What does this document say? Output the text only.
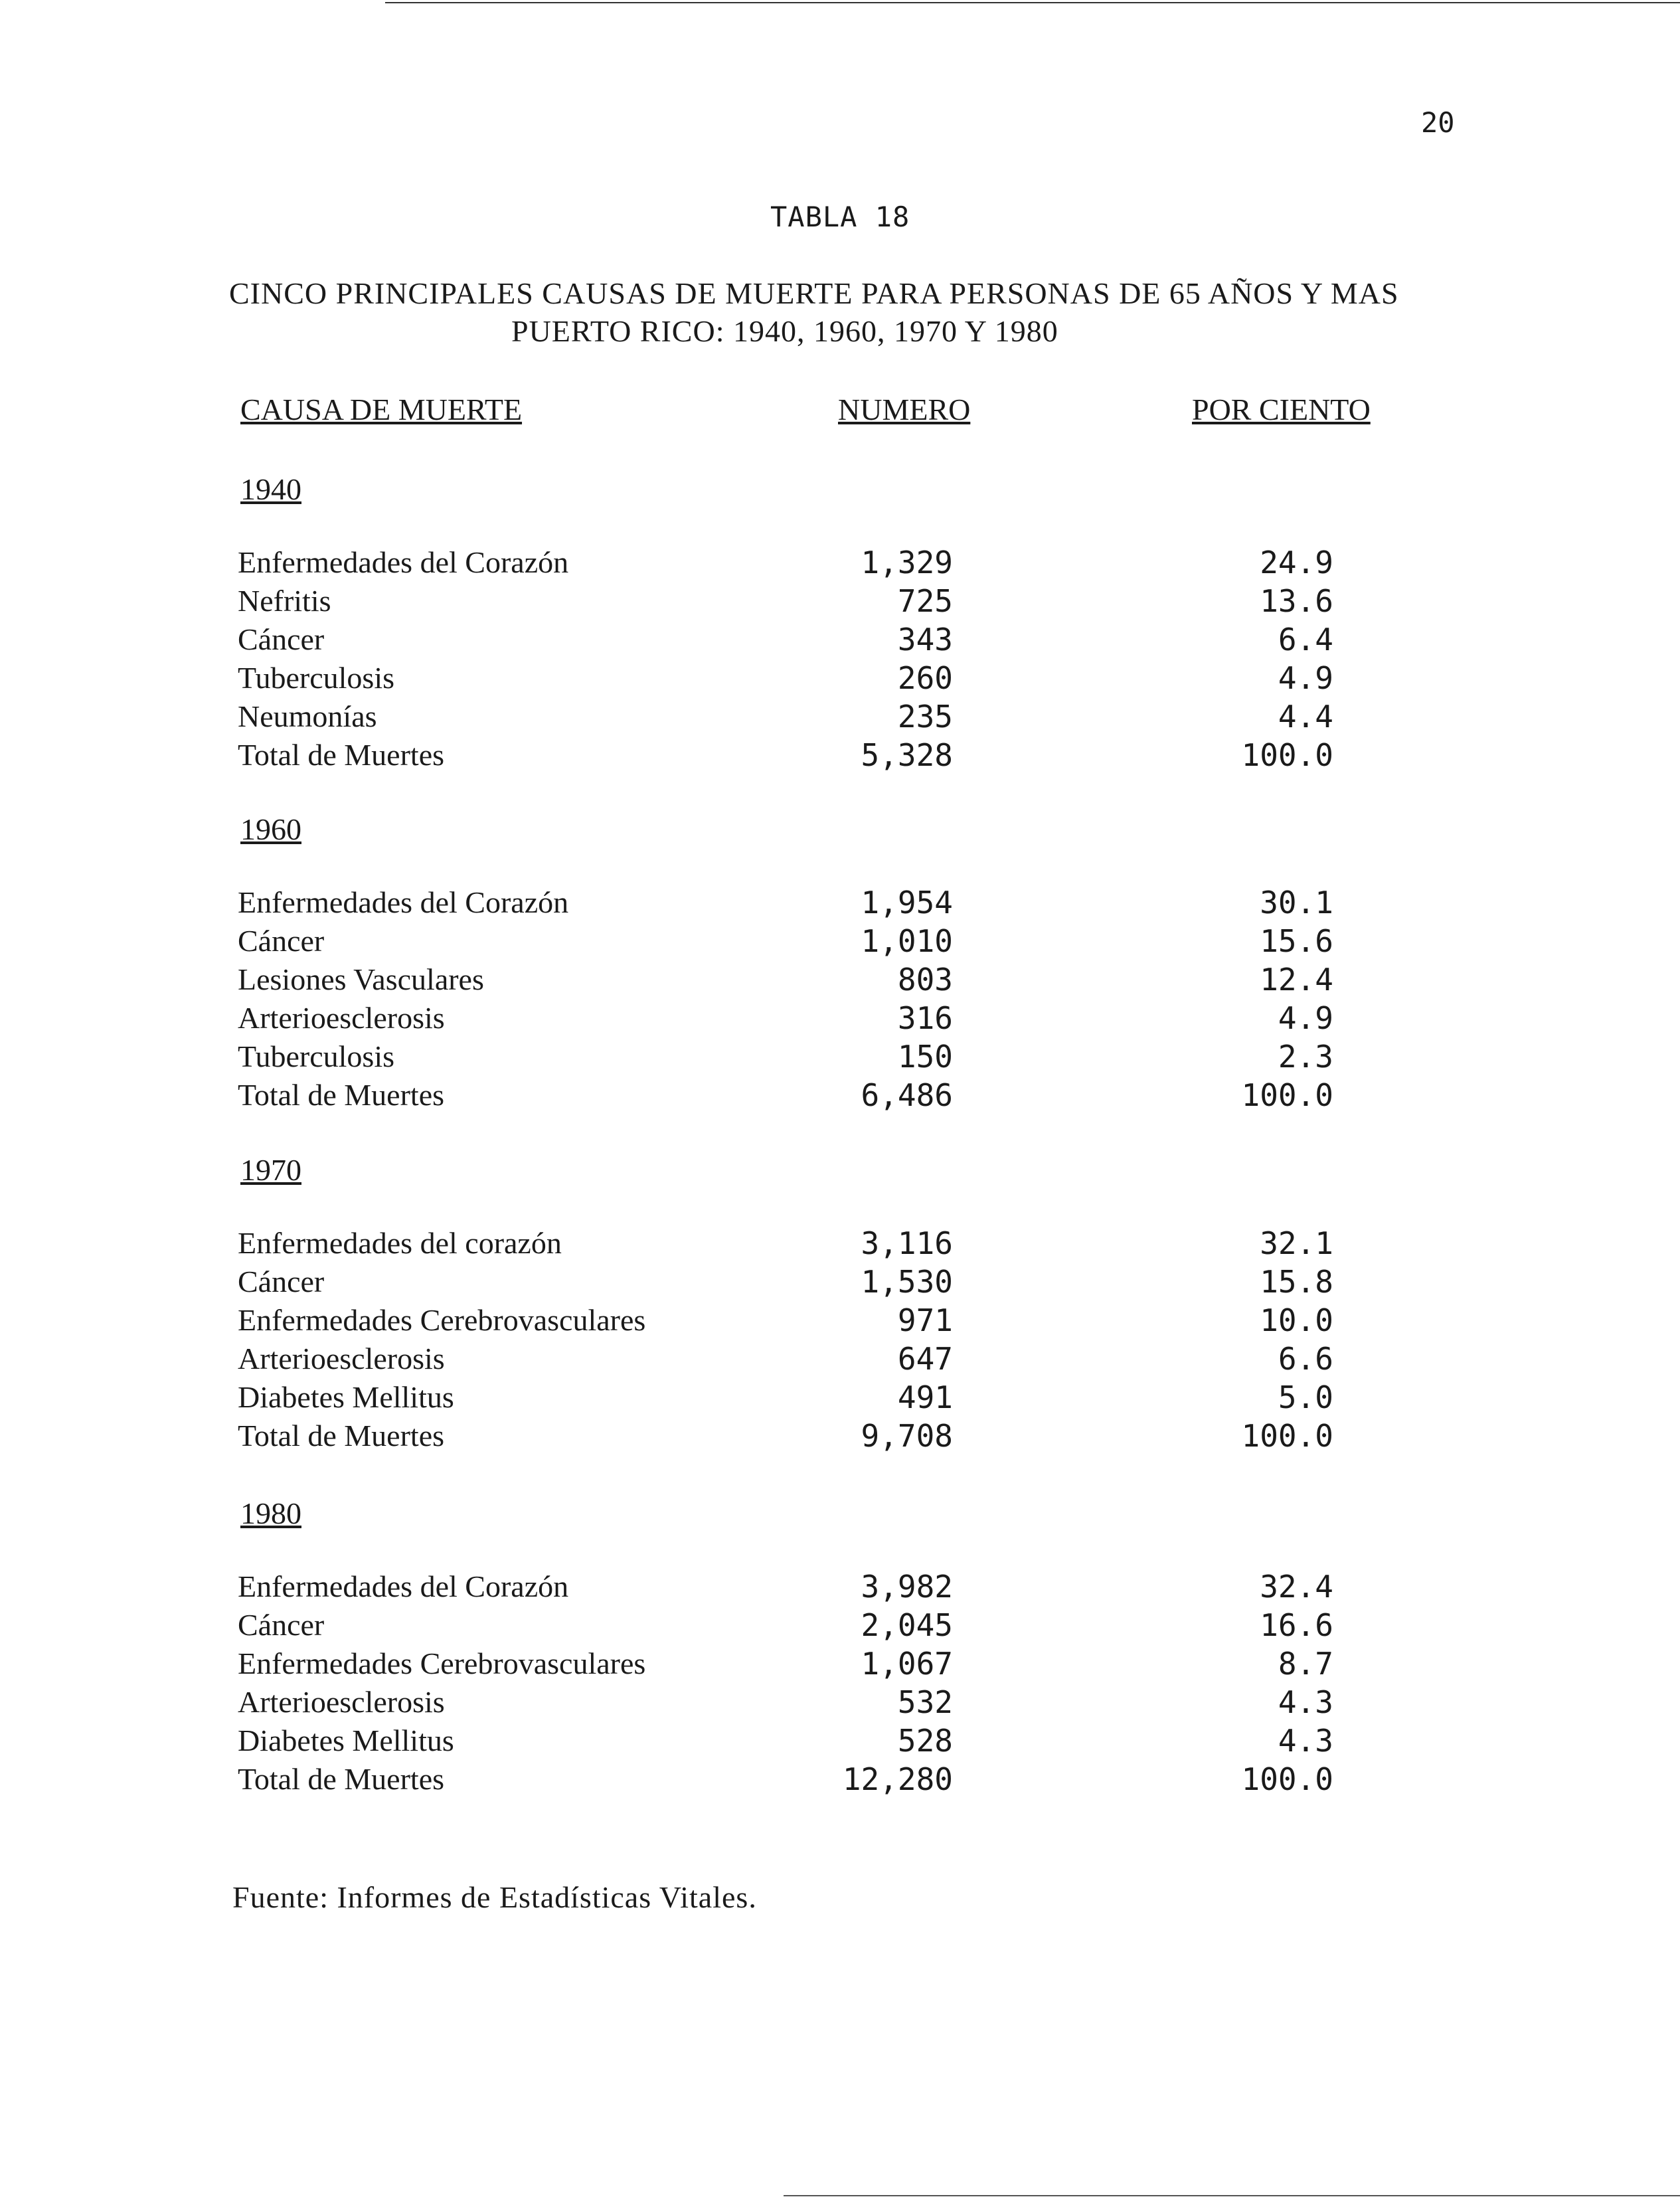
20
TABLA 18
CINCO PRINCIPALES CAUSAS DE MUERTE PARA PERSONAS DE 65 AÑOS Y MAS
PUERTO RICO: 1940, 1960, 1970 Y 1980
CAUSA DE MUERTE	NUMERO	POR CIENTO
1940
Enfermedades del Corazón	1,329	24.9
Nefritis	725	13.6
Cáncer	343	6.4
Tuberculosis	260	4.9
Neumonías	235	4.4
Total de Muertes	5,328	100.0
1960
Enfermedades del Corazón	1,954	30.1
Cáncer	1,010	15.6
Lesiones Vasculares	803	12.4
Arterioesclerosis	316	4.9
Tuberculosis	150	2.3
Total de Muertes	6,486	100.0
1970
Enfermedades del corazón	3,116	32.1
Cáncer	1,530	15.8
Enfermedades Cerebrovasculares	971	10.0
Arterioesclerosis	647	6.6
Diabetes Mellitus	491	5.0
Total de Muertes	9,708	100.0
1980
Enfermedades del Corazón	3,982	32.4
Cáncer	2,045	16.6
Enfermedades Cerebrovasculares	1,067	8.7
Arterioesclerosis	532	4.3
Diabetes Mellitus	528	4.3
Total de Muertes	12,280	100.0
Fuente: Informes de Estadísticas Vitales.
